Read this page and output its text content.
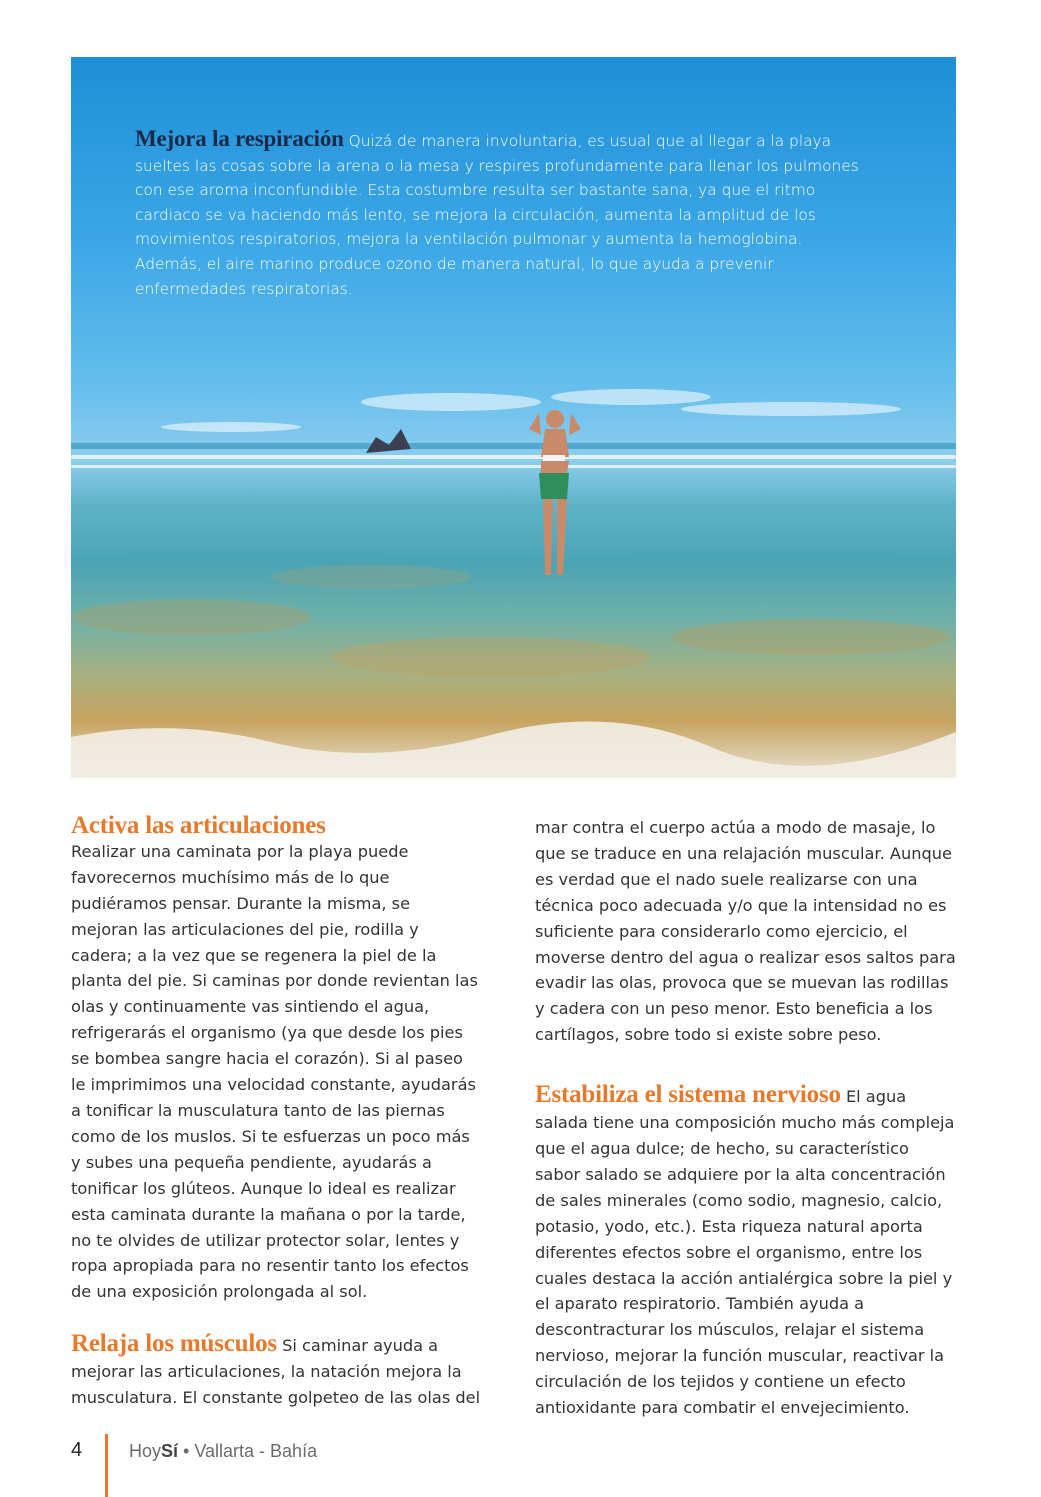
Mejora la respiración Quizá de manera involuntaria, es usual que al llegar a la playa sueltes las cosas sobre la arena o la mesa y respires profundamente para llenar los pulmones con ese aroma inconfundible. Esta costumbre resulta ser bastante sana, ya que el ritmo cardiaco se va haciendo más lento, se mejora la circulación, aumenta la amplitud de los movimientos respiratorios, mejora la ventilación pulmonar y aumenta la hemoglobina. Además, el aire marino produce ozono de manera natural, lo que ayuda a prevenir enfermedades respiratorias.
Activa las articulaciones

Realizar una caminata por la playa puede favorecernos muchísimo más de lo que pudiéramos pensar. Durante la misma, se mejoran las articulaciones del pie, rodilla y cadera; a la vez que se regenera la piel de la planta del pie. Si caminas por donde revientan las olas y continuamente vas sintiendo el agua, refrigerarás el organismo (ya que desde los pies se bombea sangre hacia el corazón). Si al paseo le imprimimos una velocidad constante, ayudarás a tonificar la musculatura tanto de las piernas como de los muslos. Si te esfuerzas un poco más y subes una pequeña pendiente, ayudarás a tonificar los glúteos. Aunque lo ideal es realizar esta caminata durante la mañana o por la tarde, no te olvides de utilizar protector solar, lentes y ropa apropiada para no resentir tanto los efectos de una exposición prolongada al sol.

Relaja los músculos Si caminar ayuda a mejorar las articulaciones, la natación mejora la musculatura. El constante golpeteo de las olas del

mar contra el cuerpo actúa a modo de masaje, lo que se traduce en una relajación muscular. Aunque es verdad que el nado suele realizarse con una técnica poco adecuada y/o que la intensidad no es suficiente para considerarlo como ejercicio, el moverse dentro del agua o realizar esos saltos para evadir las olas, provoca que se muevan las rodillas y cadera con un peso menor. Esto beneficia a los cartílagos, sobre todo si existe sobre peso.

Estabiliza el sistema nervioso El agua salada tiene una composición mucho más compleja que el agua dulce; de hecho, su característico sabor salado se adquiere por la alta concentración de sales minerales (como sodio, magnesio, calcio, potasio, yodo, etc.). Esta riqueza natural aporta diferentes efectos sobre el organismo, entre los cuales destaca la acción antialérgica sobre la piel y el aparato respiratorio. También ayuda a descontracturar los músculos, relajar el sistema nervioso, mejorar la función muscular, reactivar la circulación de los tejidos y contiene un efecto antioxidante para combatir el envejecimiento.

4	HoySí • Vallarta - Bahía
